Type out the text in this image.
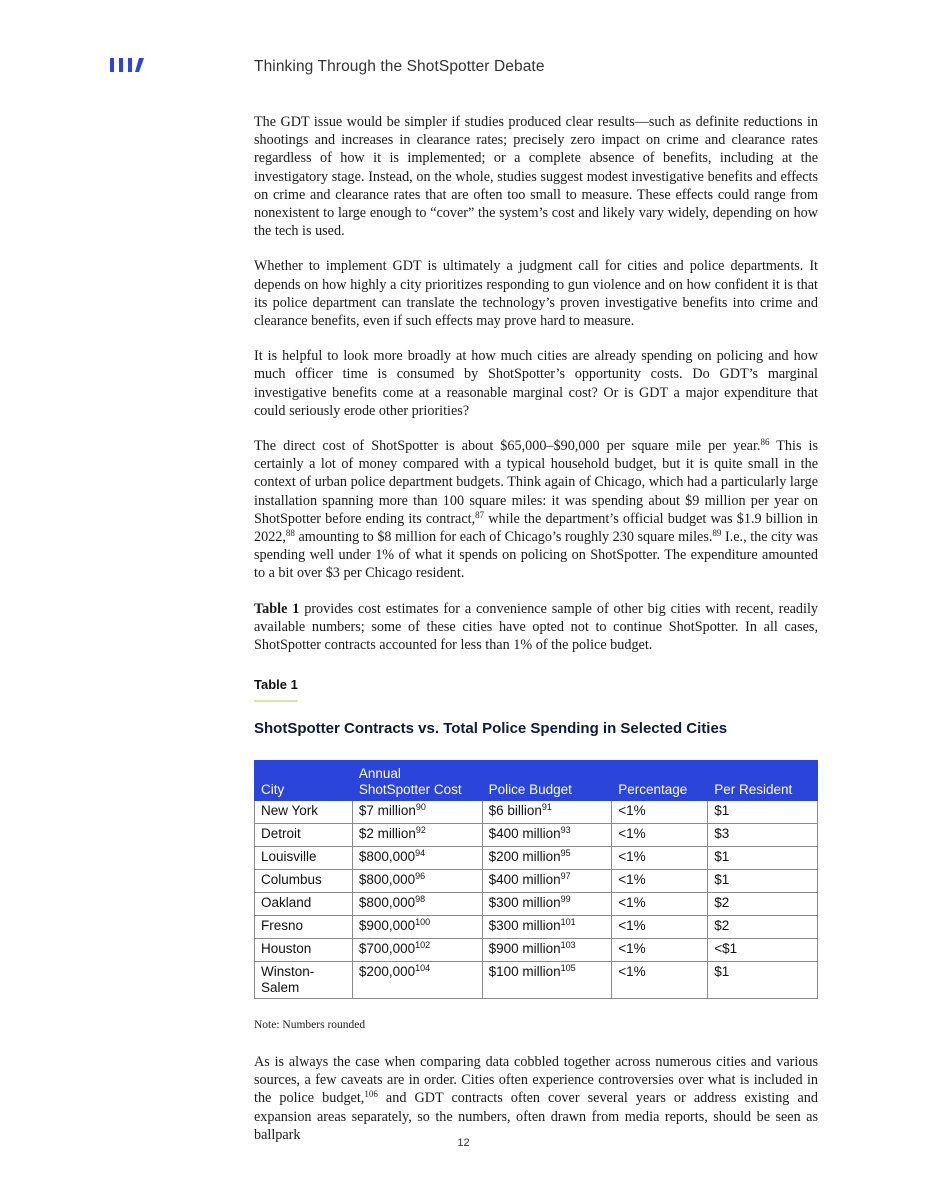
Thinking Through the ShotSpotter Debate

The GDT issue would be simpler if studies produced clear results—such as definite reductions in shootings and increases in clearance rates; precisely zero impact on crime and clearance rates regardless of how it is implemented; or a complete absence of benefits, including at the investigatory stage. Instead, on the whole, studies suggest modest investigative benefits and effects on crime and clearance rates that are often too small to measure. These effects could range from nonexistent to large enough to “cover” the system’s cost and likely vary widely, depending on how the tech is used.

Whether to implement GDT is ultimately a judgment call for cities and police departments. It depends on how highly a city prioritizes responding to gun violence and on how confident it is that its police department can translate the technology’s proven investigative benefits into crime and clearance benefits, even if such effects may prove hard to measure.

It is helpful to look more broadly at how much cities are already spending on policing and how much officer time is consumed by ShotSpotter’s opportunity costs. Do GDT’s marginal investigative benefits come at a reasonable marginal cost? Or is GDT a major expenditure that could seriously erode other priorities?

The direct cost of ShotSpotter is about $65,000–$90,000 per square mile per year.$^{86}$ This is certainly a lot of money compared with a typical household budget, but it is quite small in the context of urban police department budgets. Think again of Chicago, which had a particularly large installation spanning more than 100 square miles: it was spending about $9 million per year on ShotSpotter before ending its contract,$^{87}$ while the department’s official budget was $1.9 billion in 2022,88 amounting to $8 million for each of Chicago’s roughly 230 square miles.$^{89}$ I.e., the city was spending well under 1% of what it spends on policing on ShotSpotter. The expenditure amounted to a bit over $3 per Chicago resident.

Table 1 provides cost estimates for a convenience sample of other big cities with recent, readily available numbers; some of these cities have opted not to continue ShotSpotter. In all cases, ShotSpotter contracts accounted for less than 1% of the police budget.

Table 1
ShotSpotter Contracts vs. Total Police Spending in Selected Cities
City	Annual ShotSpotter Cost	Police Budget	Percentage	Per Resident
New York	$7 million$^{90}$	$6 billion$^{91}$	<1%	$1
Detroit	$2 million$^{92}$	$400 million$^{93}$	<1%	$3
Louisville	$800,000$^{94}$	$200 million$^{95}$	<1%	$1
Columbus	$800,000$^{96}$	$400 million$^{97}$	<1%	$1
Oakland	$800,000$^{98}$	$300 million$^{99}$	<1%	$2
Fresno	$900,000$^{100}$	$300 million$^{101}$	<1%	$2
Houston	$700,000$^{102}$	$900 million$^{103}$	<1%	<$1
Winston-Salem	$200,000$^{104}$	$100 million$^{105}$	<1%	$1
Note: Numbers rounded

As is always the case when comparing data cobbled together across numerous cities and various sources, a few caveats are in order. Cities often experience controversies over what is included in the police budget,$^{106}$ and GDT contracts often cover several years or address existing and expansion areas separately, so the numbers, often drawn from media reports, should be seen as ballpark

12
